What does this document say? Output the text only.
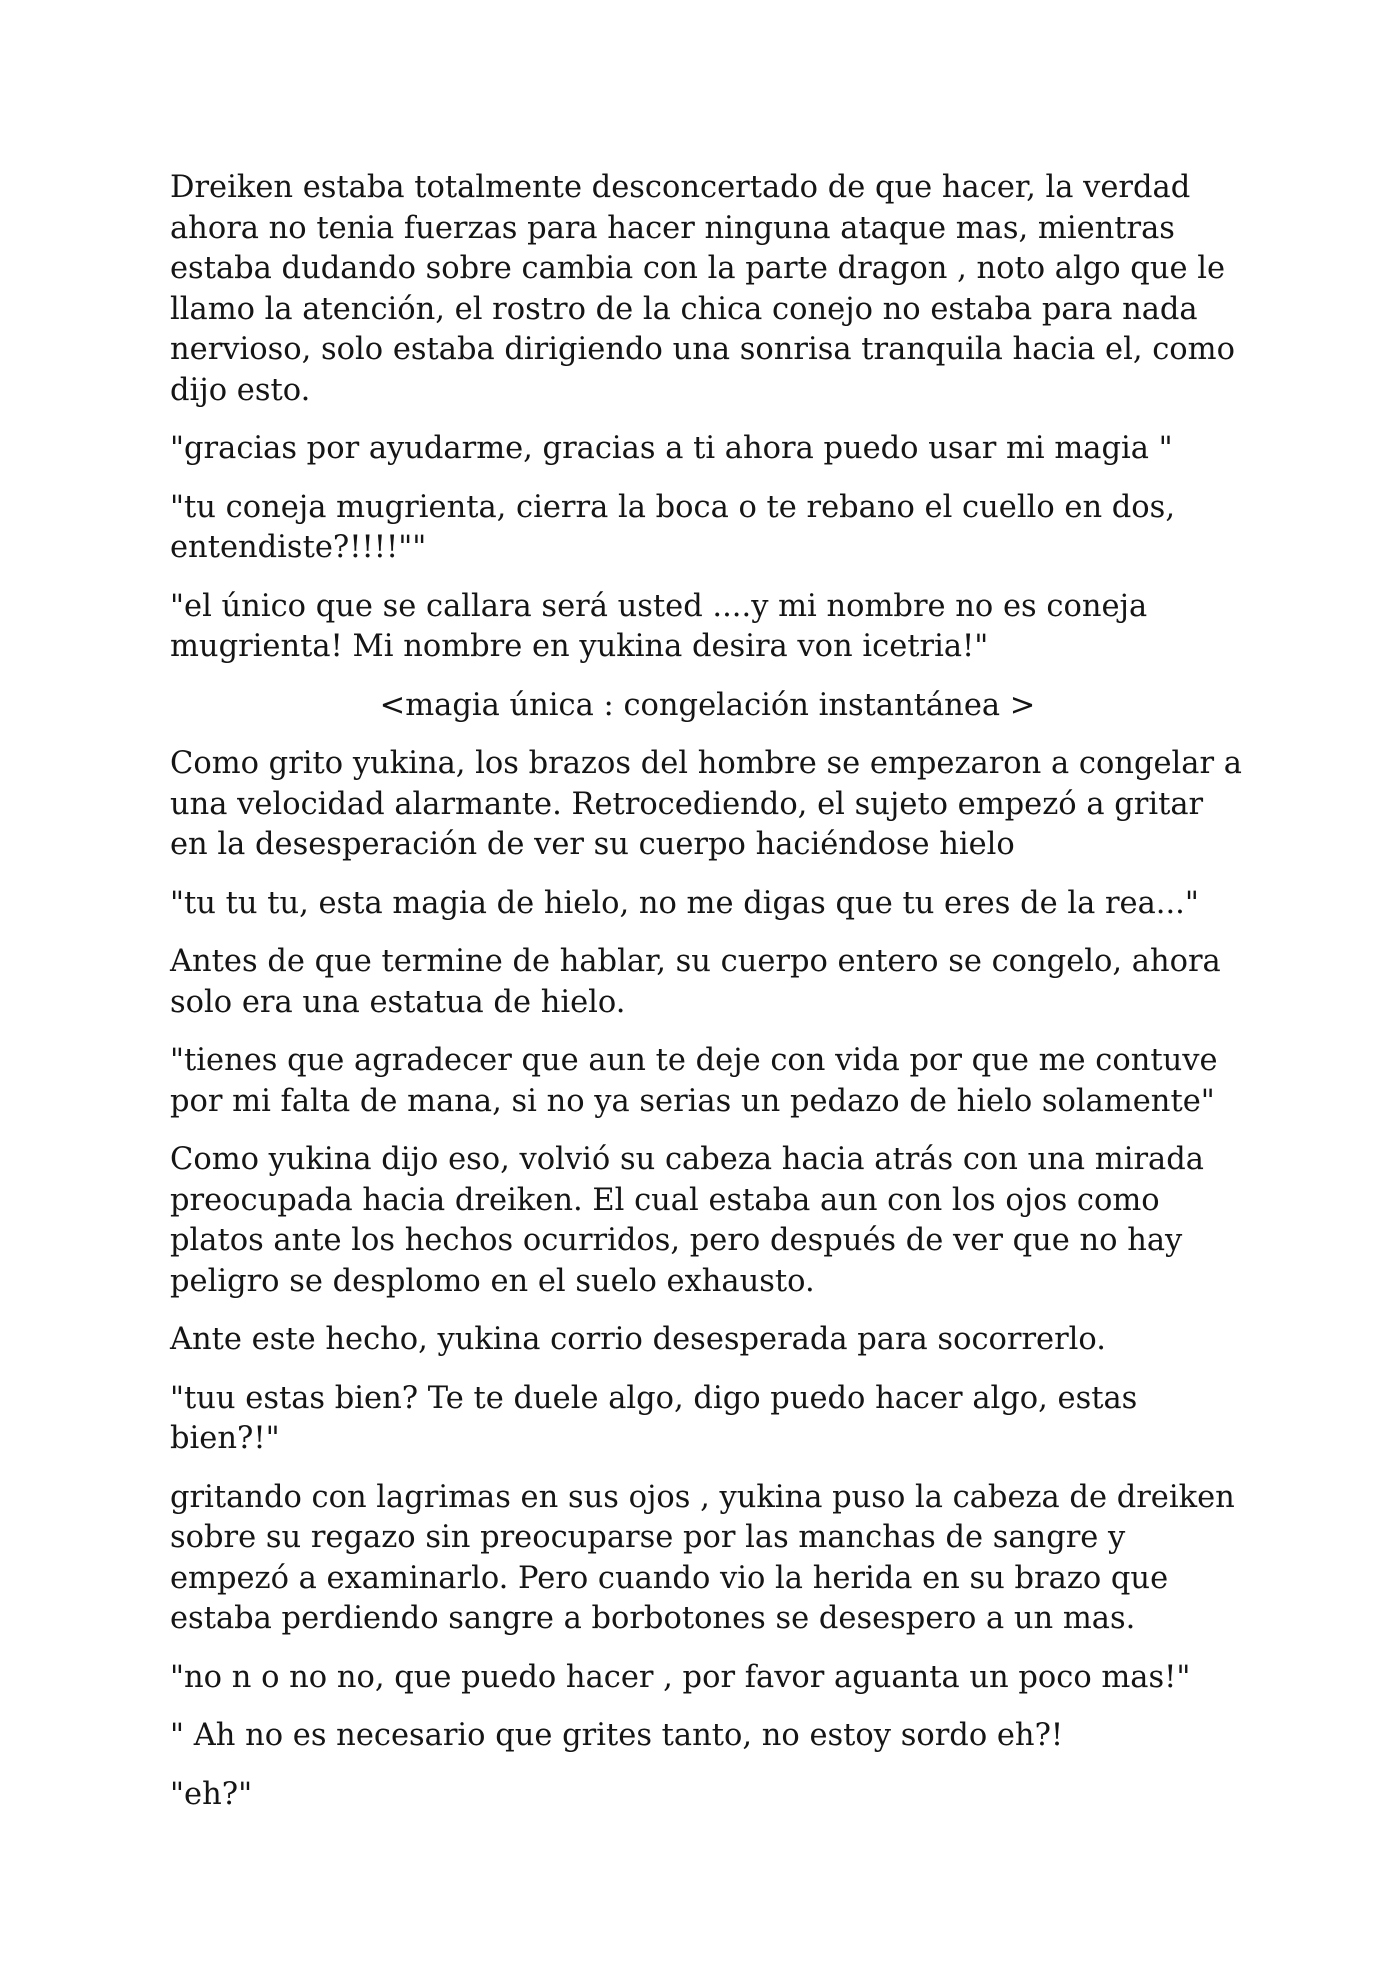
Dreiken estaba totalmente desconcertado de que hacer, la verdad ahora no tenia fuerzas para hacer ninguna ataque mas, mientras estaba dudando sobre cambia con la parte dragon , noto algo que le llamo la atención, el rostro de la chica conejo no estaba para nada nervioso, solo estaba dirigiendo una sonrisa tranquila hacia el, como dijo esto.

"gracias por ayudarme, gracias a ti ahora puedo usar mi magia "

"tu coneja mugrienta, cierra la boca o te rebano el cuello en dos, entendiste?!!!!""

"el único que se callara será usted ....y mi nombre no es coneja mugrienta! Mi nombre en yukina desira von icetria!"

<magia única : congelación instantánea >

Como grito yukina, los brazos del hombre se empezaron a congelar a una velocidad alarmante. Retrocediendo, el sujeto empezó a gritar en la desesperación de ver su cuerpo haciéndose hielo

"tu tu tu, esta magia de hielo, no me digas que tu eres de la rea..."

Antes de que termine de hablar, su cuerpo entero se congelo, ahora solo era una estatua de hielo.

"tienes que agradecer que aun te deje con vida por que me contuve por mi falta de mana, si no ya serias un pedazo de hielo solamente"

Como yukina dijo eso, volvió su cabeza hacia atrás con una mirada preocupada hacia dreiken. El cual estaba aun con los ojos como platos ante los hechos ocurridos, pero después de ver que no hay peligro se desplomo en el suelo exhausto.

Ante este hecho, yukina corrio desesperada para socorrerlo.

"tuu estas bien? Te te duele algo, digo puedo hacer algo, estas bien?!"

gritando con lagrimas en sus ojos , yukina puso la cabeza de dreiken sobre su regazo sin preocuparse por las manchas de sangre y empezó a examinarlo. Pero cuando vio la herida en su brazo que estaba perdiendo sangre a borbotones se desespero a un mas.

"no n o no no, que puedo hacer , por favor aguanta un poco mas!"

" Ah no es necesario que grites tanto, no estoy sordo eh?!

"eh?"
